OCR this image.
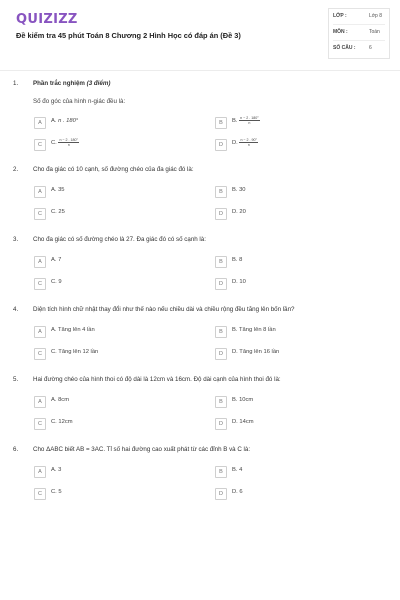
QUIZIZZ
Đề kiểm tra 45 phút Toán 8 Chương 2 Hình Học có đáp án (Đề 3)
LỚP :	Lớp 8
MÔN :	Toán
SỐ CÂU :	6
1. Phần trắc nghiệm (3 điểm)
Số đo góc của hình n-giác đều là:
A	A. n . 180°	B	B. $\frac{n - 2 . 180^\circ}{n}$
C	C. $\frac{n - 2 . 180^\circ}{n}$	D	D. $\frac{n - 2 . 90^\circ}{n}$
2. Cho đa giác có 10 cạnh, số đường chéo của đa giác đó là:
A	A. 35	B	B. 30
C	C. 25	D	D. 20
3. Cho đa giác có số đường chéo là 27. Đa giác đó có số cạnh là:
A	A. 7	B	B. 8
C	C. 9	D	D. 10
4. Diện tích hình chữ nhật thay đổi như thế nào nếu chiều dài và chiều rộng đều tăng lên bốn lần?
A	A. Tăng lên 4 lần	B	B. Tăng lên 8 lần
C	C. Tăng lên 12 lần	D	D. Tăng lên 16 lần
5. Hai đường chéo của hình thoi có độ dài là 12cm và 16cm. Độ dài cạnh của hình thoi đó là:
A	A. 8cm	B	B. 10cm
C	C. 12cm	D	D. 14cm
6. Cho ΔABC biết AB = 3AC. Tỉ số hai đường cao xuất phát từ các đỉnh B và C là:
A	A. 3	B	B. 4
C	C. 5	D	D. 6
